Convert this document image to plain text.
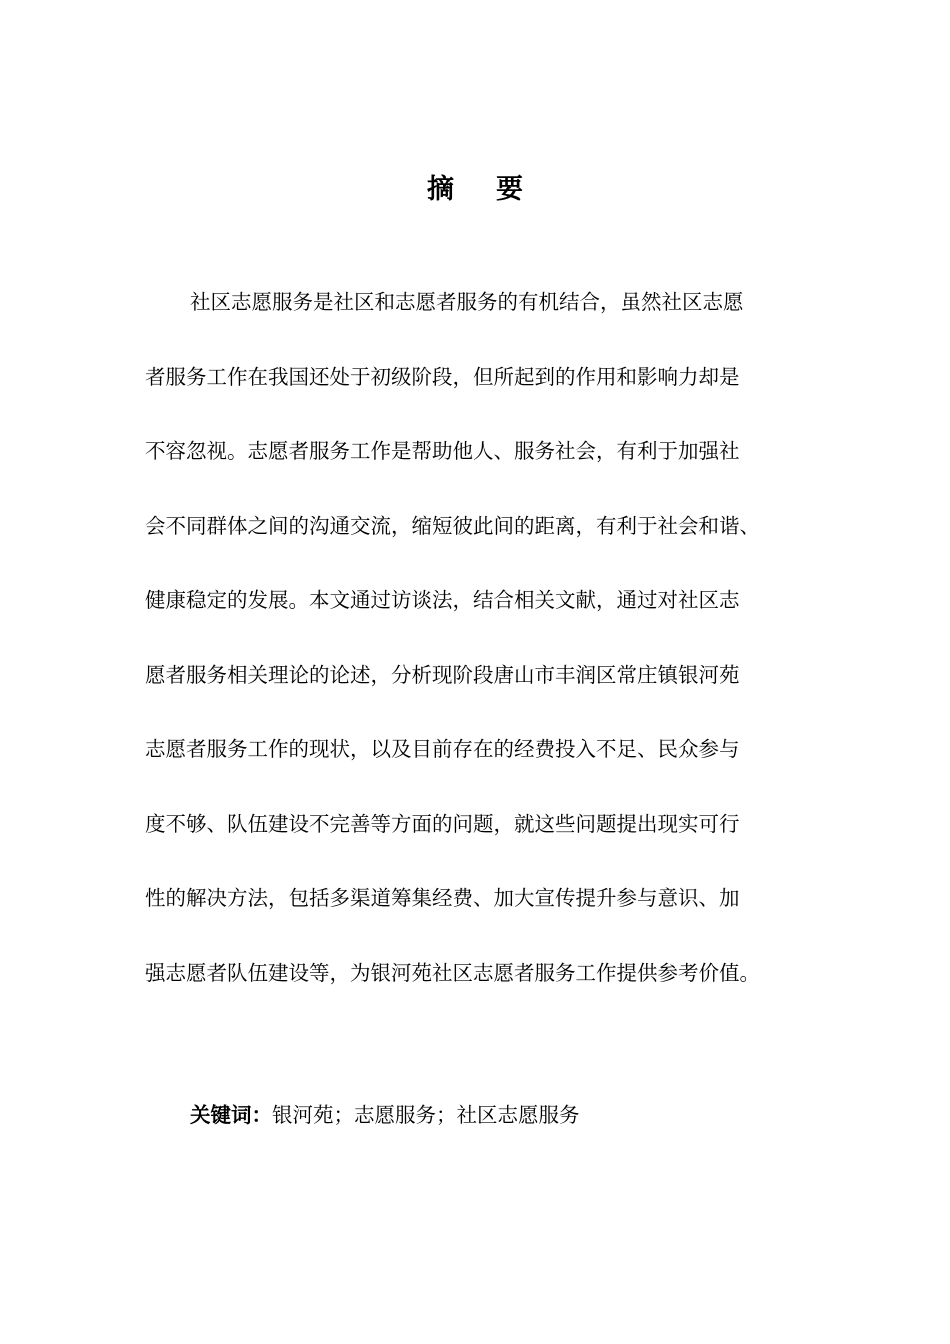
摘要
社区志愿服务是社区和志愿者服务的有机结合，虽然社区志愿
者服务工作在我国还处于初级阶段，但所起到的作用和影响力却是
不容忽视。志愿者服务工作是帮助他人、服务社会，有利于加强社
会不同群体之间的沟通交流，缩短彼此间的距离，有利于社会和谐、
健康稳定的发展。本文通过访谈法，结合相关文献，通过对社区志
愿者服务相关理论的论述，分析现阶段唐山市丰润区常庄镇银河苑
志愿者服务工作的现状，以及目前存在的经费投入不足、民众参与
度不够、队伍建设不完善等方面的问题，就这些问题提出现实可行
性的解决方法，包括多渠道筹集经费、加大宣传提升参与意识、加
强志愿者队伍建设等，为银河苑社区志愿者服务工作提供参考价值。
关键词：银河苑；志愿服务；社区志愿服务
